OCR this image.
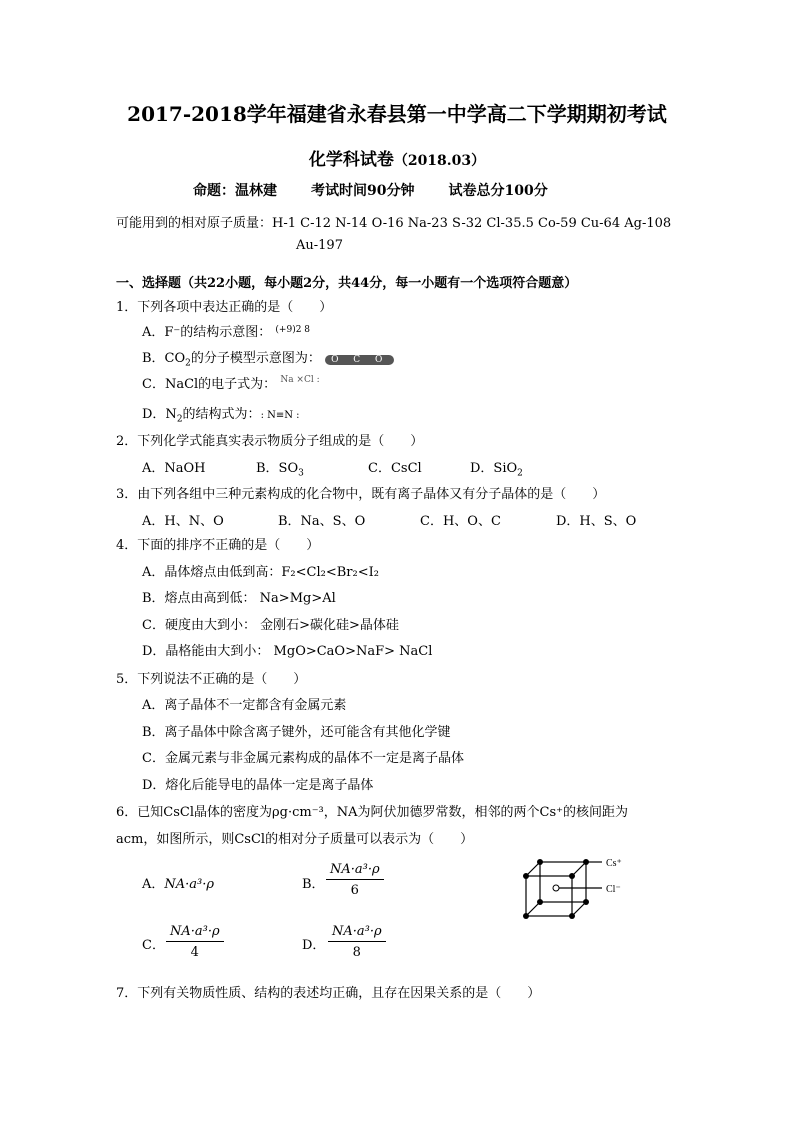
2017-2018学年福建省永春县第一中学高二下学期期初考试
化学科试卷（2018.03）
命题：温林建 考试时间90分钟 试卷总分100分
可能用到的相对原子质量：H-1 C-12 N-14 O-16 Na-23 S-32 Cl-35.5 Co-59 Cu-64 Ag-108
Au-197
一、选择题（共22小题，每小题2分，共44分，每一小题有一个选项符合题意）
1．下列各项中表达正确的是（　　）
A．F⁻的结构示意图： $^{(+9)2 8}$
B．$CO_2$的分子模型示意图为： O C O
C．NaCl的电子式为： $^{Na \times Cl :}$
D．$N_2$的结构式为：: N≡N :
2．下列化学式能真实表示物质分子组成的是（　　）
A．NaOH	B．$SO_3$	C．CsCl	D．SiO$_2$
3．由下列各组中三种元素构成的化合物中，既有离子晶体又有分子晶体的是（　　）
A．H、N、O	B．Na、S、O	C．H、O、C	D．H、S、O
4．下面的排序不正确的是（　　）
A．晶体熔点由低到高：F₂<Cl₂<Br₂<I₂
B．熔点由高到低： Na>Mg>Al
C．硬度由大到小： 金刚石>碳化硅>晶体硅
D．晶格能由大到小： MgO>CaO>NaF> NaCl
5．下列说法不正确的是（　　）
A．离子晶体不一定都含有金属元素
B．离子晶体中除含离子键外，还可能含有其他化学键
C．金属元素与非金属元素构成的晶体不一定是离子晶体
D．熔化后能导电的晶体一定是离子晶体
6．已知CsCl晶体的密度为ρg·cm⁻³，NA为阿伏加德罗常数，相邻的两个Cs⁺的核间距为
acm，如图所示，则CsCl的相对分子质量可以表示为（　　）
A．NA·a³·ρ	B． $\frac{\text{NA·a³·ρ}}{6}$
C． $\frac{\text{NA·a³·ρ}}{4}$	D． $\frac{\text{NA·a³·ρ}}{8}$
Cs⁺
Cl⁻
7．下列有关物质性质、结构的表述均正确，且存在因果关系的是（　　）
